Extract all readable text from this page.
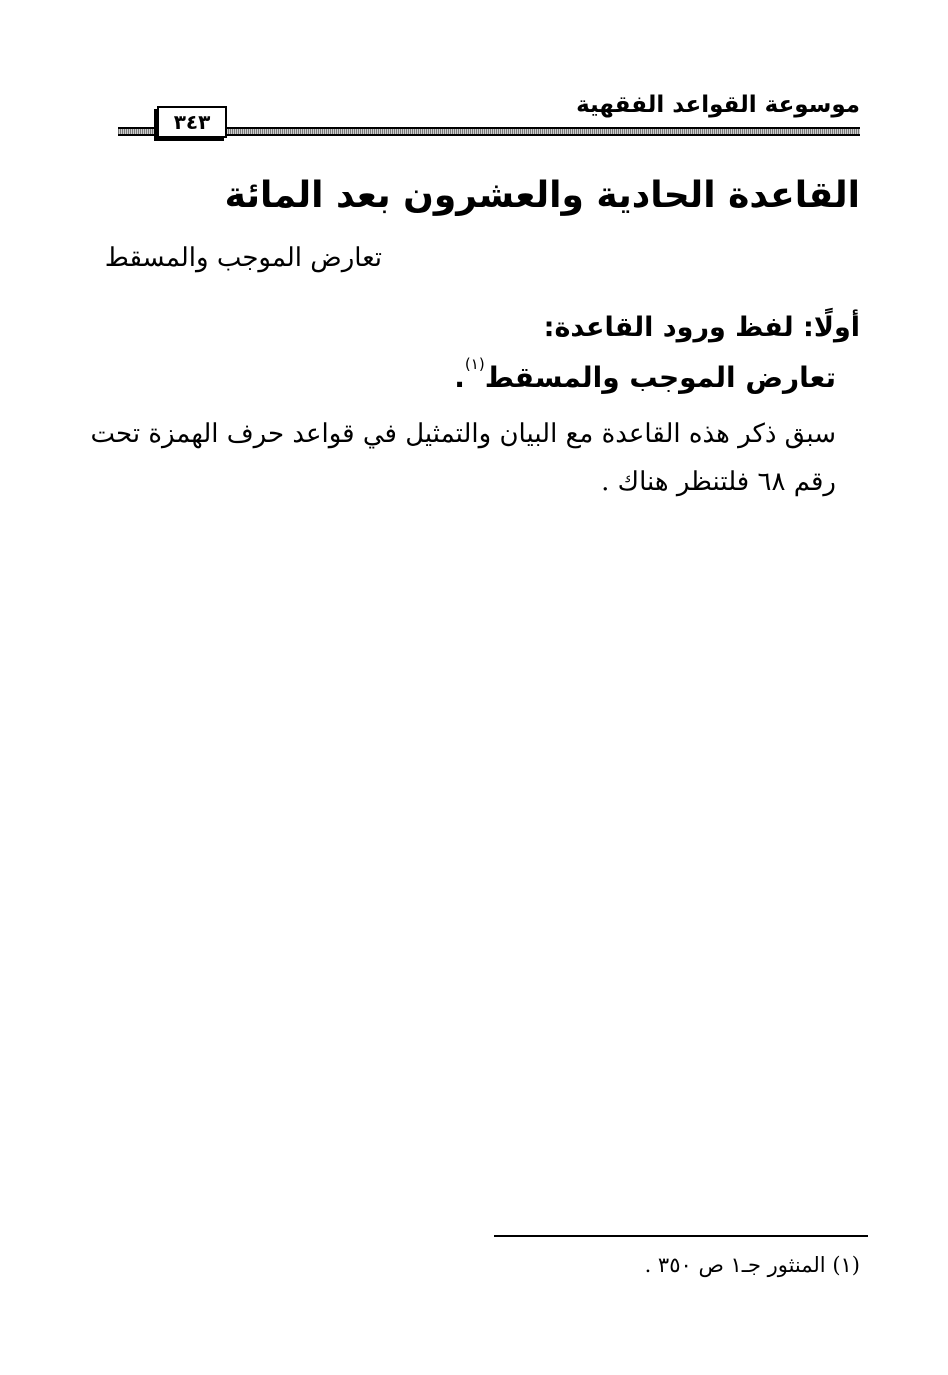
موسوعة القواعد الفقهية
٣٤٣
القاعدة الحادية والعشرون بعد المائة
تعارض الموجب والمسقط
أولًا: لفظ ورود القاعدة:
تعارض الموجب والمسقط$^{(١)}$.
سبق ذكر هذه القاعدة مع البيان والتمثيل في قواعد حرف الهمزة تحت
رقم ٦٨ فلتنظر هناك .
(١) المنثور جـ١ ص ٣٥٠ .
